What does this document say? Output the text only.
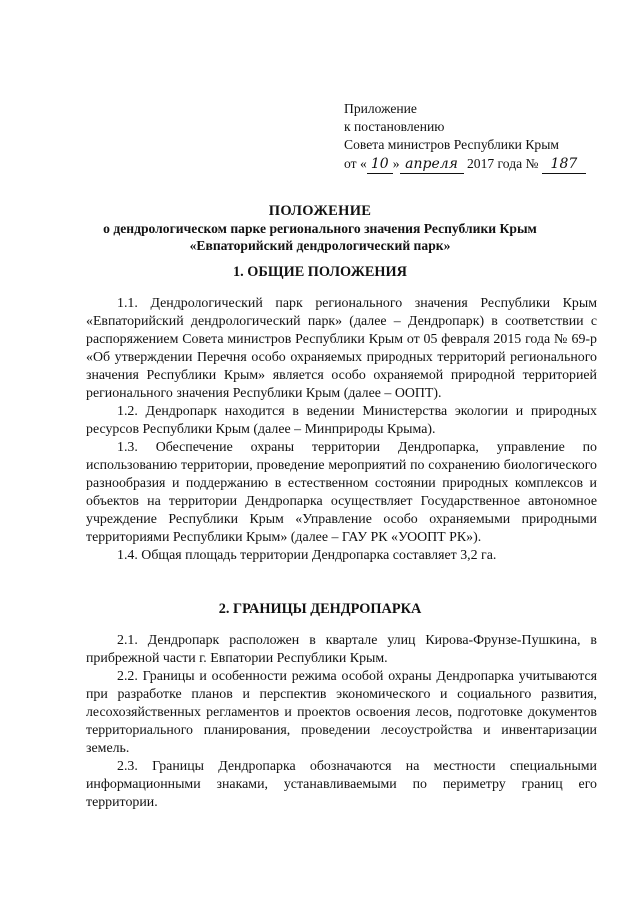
Приложение
к постановлению
Совета министров Республики Крым
от « 10 » апреля 2017 года № 187
ПОЛОЖЕНИЕ
о дендрологическом парке регионального значения Республики Крым
«Евпаторийский дендрологический парк»
1. ОБЩИЕ ПОЛОЖЕНИЯ

1.1. Дендрологический парк регионального значения Республики Крым «Евпаторийский дендрологический парк» (далее – Дендропарк) в соответствии с распоряжением Совета министров Республики Крым от 05 февраля 2015 года № 69-р «Об утверждении Перечня особо охраняемых природных территорий регионального значения Республики Крым» является особо охраняемой природной территорией регионального значения Республики Крым (далее – ООПТ).

1.2. Дендропарк находится в ведении Министерства экологии и природных ресурсов Республики Крым (далее – Минприроды Крыма).

1.3. Обеспечение охраны территории Дендропарка, управление по использованию территории, проведение мероприятий по сохранению биологического разнообразия и поддержанию в естественном состоянии природных комплексов и объектов на территории Дендропарка осуществляет Государственное автономное учреждение Республики Крым «Управление особо охраняемыми природными территориями Республики Крым» (далее – ГАУ РК «УООПТ РК»).

1.4. Общая площадь территории Дендропарка составляет 3,2 га.

2. ГРАНИЦЫ ДЕНДРОПАРКА

2.1. Дендропарк расположен в квартале улиц Кирова-Фрунзе-Пушкина, в прибрежной части г. Евпатории Республики Крым.

2.2. Границы и особенности режима особой охраны Дендропарка учитываются при разработке планов и перспектив экономического и социального развития, лесохозяйственных регламентов и проектов освоения лесов, подготовке документов территориального планирования, проведении лесоустройства и инвентаризации земель.

2.3. Границы Дендропарка обозначаются на местности специальными информационными знаками, устанавливаемыми по периметру границ его территории.
